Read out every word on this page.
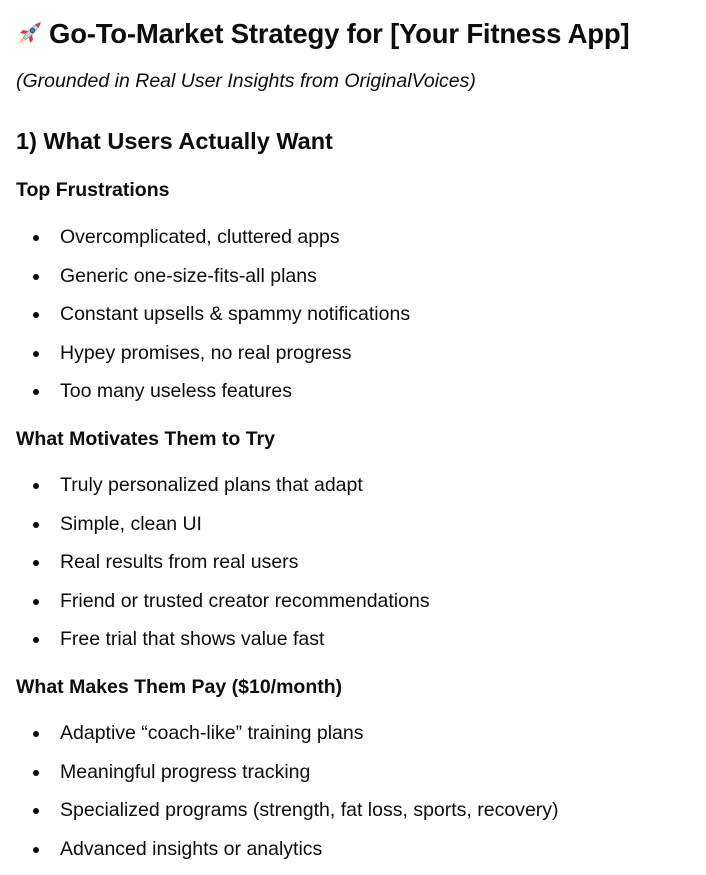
Go-To-Market Strategy for [Your Fitness App]
(Grounded in Real User Insights from OriginalVoices)
1) What Users Actually Want
Top Frustrations
Overcomplicated, cluttered apps
Generic one-size-fits-all plans
Constant upsells & spammy notifications
Hypey promises, no real progress
Too many useless features
What Motivates Them to Try
Truly personalized plans that adapt
Simple, clean UI
Real results from real users
Friend or trusted creator recommendations
Free trial that shows value fast
What Makes Them Pay ($10/month)
Adaptive “coach-like” training plans
Meaningful progress tracking
Specialized programs (strength, fat loss, sports, recovery)
Advanced insights or analytics
